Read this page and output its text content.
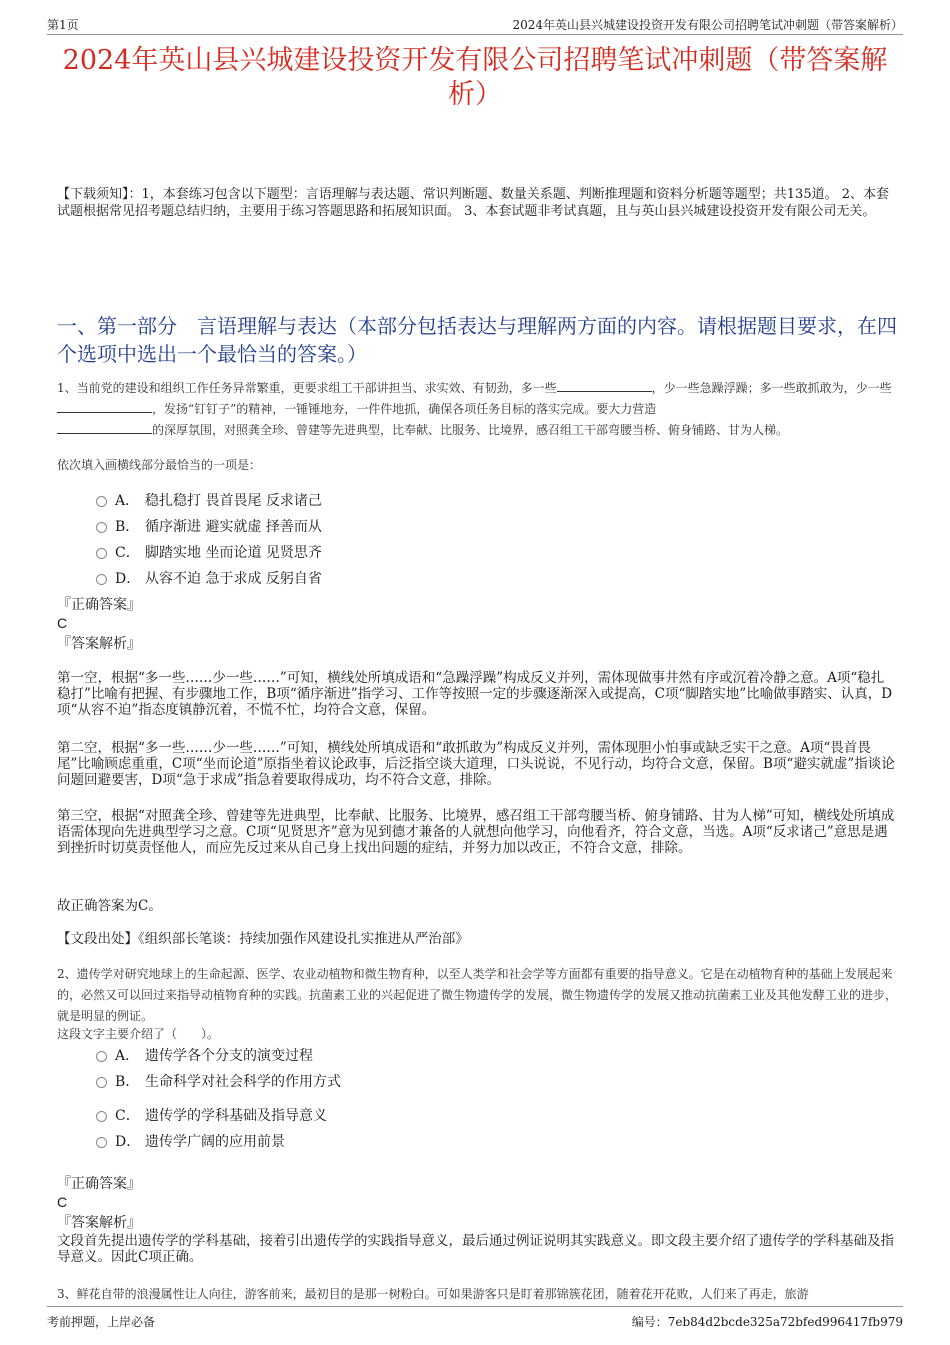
第1页	2024年英山县兴城建设投资开发有限公司招聘笔试冲刺题（带答案解析）
2024年英山县兴城建设投资开发有限公司招聘笔试冲刺题（带答案解析）
【下载须知】：1，本套练习包含以下题型：言语理解与表达题、常识判断题、数量关系题、判断推理题和资料分析题等题型；共135道。 2、本套试题根据常见招考题总结归纳，主要用于练习答题思路和拓展知识面。 3、本套试题非考试真题，且与英山县兴城建设投资开发有限公司无关。
一、第一部分　言语理解与表达（本部分包括表达与理解两方面的内容。请根据题目要求，在四个选项中选出一个最恰当的答案。）
1、当前党的建设和组织工作任务异常繁重，更要求组工干部讲担当、求实效、有韧劲，多一些	，少一些急躁浮躁；多一些敢抓敢为，少一些，发扬“钉钉子”的精神，一锤锤地夯，一件件地抓，确保各项任务目标的落实完成。要大力营造
的深厚氛围，对照龚全珍、曾建等先进典型，比奉献、比服务、比境界，感召组工干部弯腰当桥、俯身铺路、甘为人梯。
依次填入画横线部分最恰当的一项是：
A． 稳扎稳打 畏首畏尾 反求诸己
B． 循序渐进 避实就虚 择善而从
C． 脚踏实地 坐而论道 见贤思齐
D． 从容不迫 急于求成 反躬自省
『正确答案』
C
『答案解析』
第一空，根据“多一些……少一些……”可知，横线处所填成语和“急躁浮躁”构成反义并列，需体现做事井然有序或沉着冷静之意。A项“稳扎稳打”比喻有把握、有步骤地工作，B项“循序渐进”指学习、工作等按照一定的步骤逐渐深入或提高，C项“脚踏实地”比喻做事踏实、认真，D项“从容不迫”指态度镇静沉着，不慌不忙，均符合文意，保留。
第二空，根据“多一些……少一些……”可知，横线处所填成语和“敢抓敢为”构成反义并列，需体现胆小怕事或缺乏实干之意。A项“畏首畏尾”比喻顾虑重重，C项“坐而论道”原指坐着议论政事，后泛指空谈大道理，口头说说，不见行动，均符合文意，保留。B项“避实就虚”指谈论问题回避要害，D项“急于求成”指急着要取得成功，均不符合文意，排除。
第三空，根据“对照龚全珍、曾建等先进典型，比奉献、比服务、比境界，感召组工干部弯腰当桥、俯身铺路、甘为人梯”可知，横线处所填成语需体现向先进典型学习之意。C项“见贤思齐”意为见到德才兼备的人就想向他学习，向他看齐，符合文意，当选。A项“反求诸己”意思是遇到挫折时切莫责怪他人，而应先反过来从自己身上找出问题的症结，并努力加以改正，不符合文意，排除。
故正确答案为C。
【文段出处】《组织部长笔谈：持续加强作风建设扎实推进从严治部》
2、遗传学对研究地球上的生命起源、医学、农业动植物和微生物育种，以至人类学和社会学等方面都有重要的指导意义。它是在动植物育种的基础上发展起来的，必然又可以回过来指导动植物育种的实践。抗菌素工业的兴起促进了微生物遗传学的发展，微生物遗传学的发展又推动抗菌素工业及其他发酵工业的进步，就是明显的例证。
这段文字主要介绍了（　　）。
A． 遗传学各个分支的演变过程
B． 生命科学对社会科学的作用方式
C． 遗传学的学科基础及指导意义
D． 遗传学广阔的应用前景
『正确答案』
C
『答案解析』
文段首先提出遗传学的学科基础，接着引出遗传学的实践指导意义，最后通过例证说明其实践意义。即文段主要介绍了遗传学的学科基础及指导意义。因此C项正确。
3、鲜花自带的浪漫属性让人向往，游客前来，最初目的是那一树粉白。可如果游客只是盯着那锦簇花团，随着花开花败，人们来了再走，旅游
考前押题，上岸必备	编号：7eb84d2bcde325a72bfed996417fb979
